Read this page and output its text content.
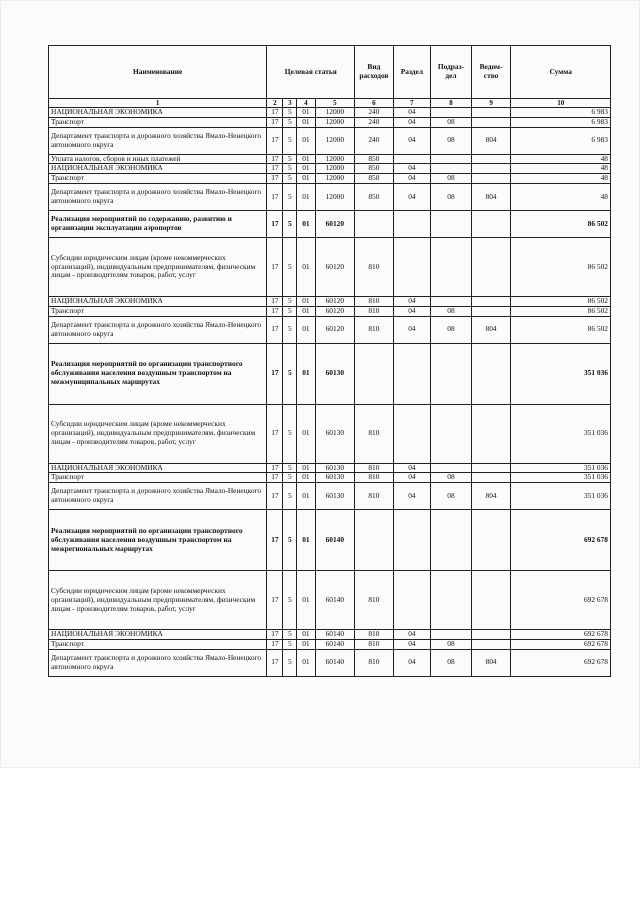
Наименование	Целевая статья				Вид расходов	Раздел	Подраз- дел	Ведом- ство	Сумма
1	2	3	4	5	6	7	8	9	10
НАЦИОНАЛЬНАЯ ЭКОНОМИКА	17	5	01	12000	240	04			6 983
Транспорт	17	5	01	12000	240	04	08		6 983
Департамент транспорта и дорожного хозяйства Ямало-Ненецкого автономного округа	17	5	01	12000	240	04	08	804	6 983
Уплата налогов, сборов и иных платежей	17	5	01	12000	850				48
НАЦИОНАЛЬНАЯ ЭКОНОМИКА	17	5	01	12000	850	04			48
Транспорт	17	5	01	12000	850	04	08		48
Департамент транспорта и дорожного хозяйства Ямало-Ненецкого автономного округа	17	5	01	12000	850	04	08	804	48
Реализация мероприятий по содержанию, развитию и организации эксплуатации аэропортов	17	5	01	60120					86 502
Субсидии юридическим лицам (кроме некоммерческих организаций), индивидуальным предпринимателям, физическим лицам - производителям товаров, работ, услуг	17	5	01	60120	810				86 502
НАЦИОНАЛЬНАЯ ЭКОНОМИКА	17	5	01	60120	810	04			86 502
Транспорт	17	5	01	60120	810	04	08		86 502
Департамент транспорта и дорожного хозяйства Ямало-Ненецкого автономного округа	17	5	01	60120	810	04	08	804	86 502
Реализация мероприятий по организации транспортного обслуживания населения воздушным транспортом на межмуниципальных маршрутах	17	5	01	60130					351 036
Субсидии юридическим лицам (кроме некоммерческих организаций), индивидуальным предпринимателям, физическим лицам - производителям товаров, работ, услуг	17	5	01	60130	810				351 036
НАЦИОНАЛЬНАЯ ЭКОНОМИКА	17	5	01	60130	810	04			351 036
Транспорт	17	5	01	60130	810	04	08		351 036
Департамент транспорта и дорожного хозяйства Ямало-Ненецкого автономного округа	17	5	01	60130	810	04	08	804	351 036
Реализация мероприятий по организации транспортного обслуживания населения воздушным транспортом на межрегиональных маршрутах	17	5	01	60140					692 678
Субсидии юридическим лицам (кроме некоммерческих организаций), индивидуальным предпринимателям, физическим лицам - производителям товаров, работ, услуг	17	5	01	60140	810				692 678
НАЦИОНАЛЬНАЯ ЭКОНОМИКА	17	5	01	60140	810	04			692 678
Транспорт	17	5	01	60140	810	04	08		692 678
Департамент транспорта и дорожного хозяйства Ямало-Ненецкого автономного округа	17	5	01	60140	810	04	08	804	692 678
